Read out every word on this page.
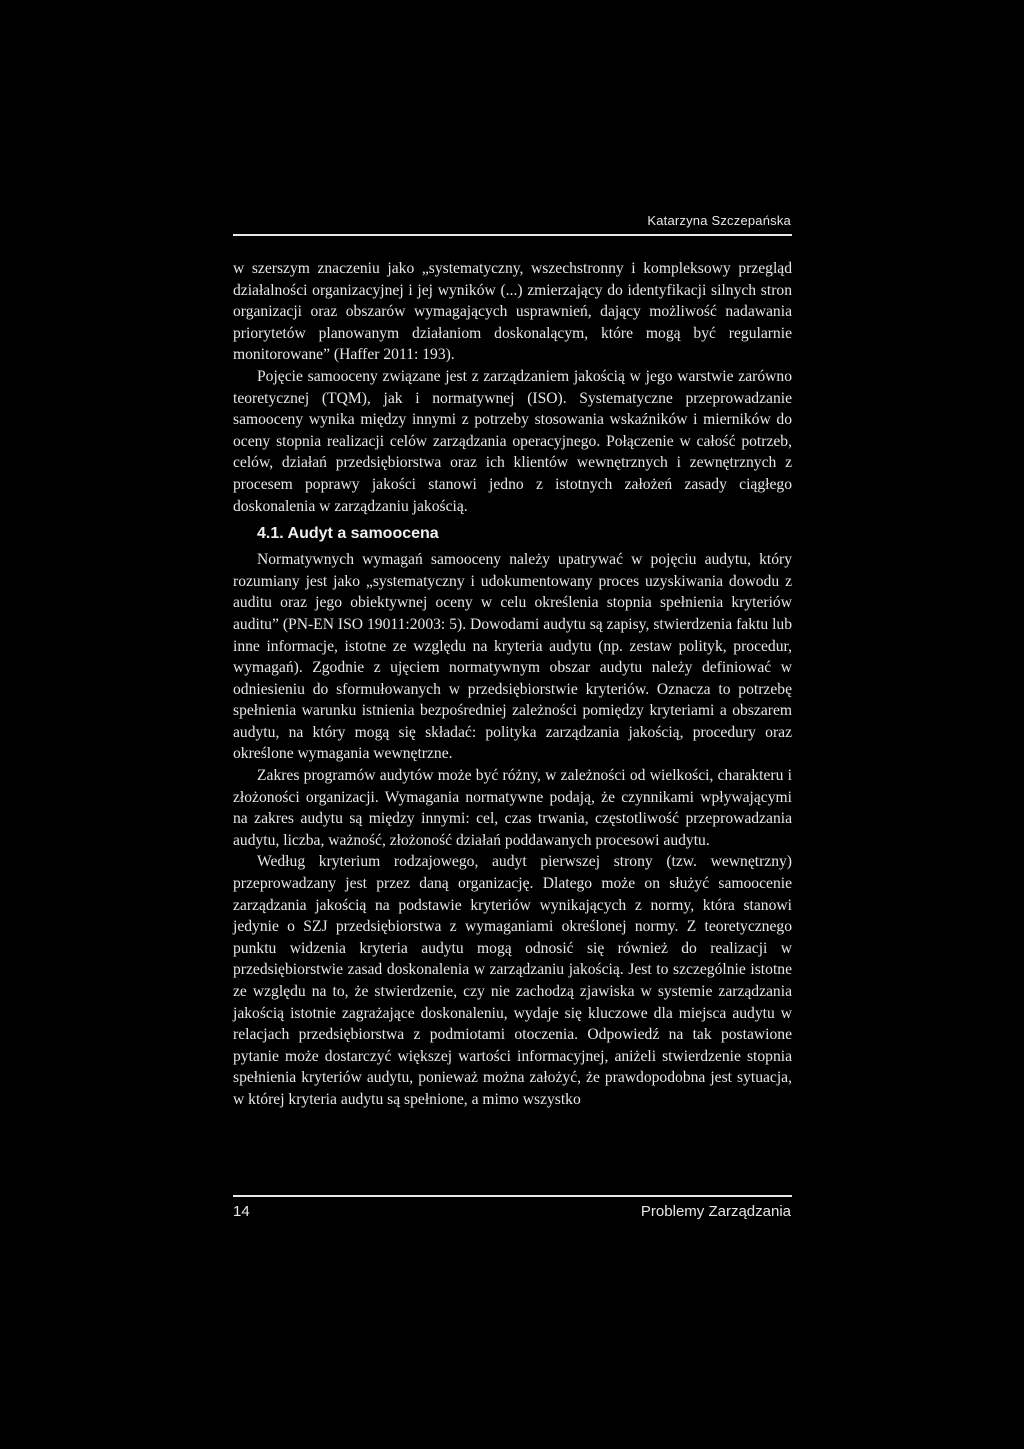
Katarzyna Szczepańska

w szerszym znaczeniu jako „systematyczny, wszechstronny i kompleksowy przegląd działalności organizacyjnej i jej wyników (...) zmierzający do identyfikacji silnych stron organizacji oraz obszarów wymagających usprawnień, dający możliwość nadawania priorytetów planowanym działaniom doskonalącym, które mogą być regularnie monitorowane” (Haffer 2011: 193).

Pojęcie samooceny związane jest z zarządzaniem jakością w jego warstwie zarówno teoretycznej (TQM), jak i normatywnej (ISO). Systematyczne przeprowadzanie samooceny wynika między innymi z potrzeby stosowania wskaźników i mierników do oceny stopnia realizacji celów zarządzania operacyjnego. Połączenie w całość potrzeb, celów, działań przedsiębiorstwa oraz ich klientów wewnętrznych i zewnętrznych z procesem poprawy jakości stanowi jedno z istotnych założeń zasady ciągłego doskonalenia w zarządzaniu jakością.

4.1. Audyt a samoocena

Normatywnych wymagań samooceny należy upatrywać w pojęciu audytu, który rozumiany jest jako „systematyczny i udokumentowany proces uzyskiwania dowodu z auditu oraz jego obiektywnej oceny w celu określenia stopnia spełnienia kryteriów auditu” (PN-EN ISO 19011:2003: 5). Dowodami audytu są zapisy, stwierdzenia faktu lub inne informacje, istotne ze względu na kryteria audytu (np. zestaw polityk, procedur, wymagań). Zgodnie z ujęciem normatywnym obszar audytu należy definiować w odniesieniu do sformułowanych w przedsiębiorstwie kryteriów. Oznacza to potrzebę spełnienia warunku istnienia bezpośredniej zależności pomiędzy kryteriami a obszarem audytu, na który mogą się składać: polityka zarządzania jakością, procedury oraz określone wymagania wewnętrzne.

Zakres programów audytów może być różny, w zależności od wielkości, charakteru i złożoności organizacji. Wymagania normatywne podają, że czynnikami wpływającymi na zakres audytu są między innymi: cel, czas trwania, częstotliwość przeprowadzania audytu, liczba, ważność, złożoność działań poddawanych procesowi audytu.

Według kryterium rodzajowego, audyt pierwszej strony (tzw. wewnętrzny) przeprowadzany jest przez daną organizację. Dlatego może on służyć samoocenie zarządzania jakością na podstawie kryteriów wynikających z normy, która stanowi jedynie o SZJ przedsiębiorstwa z wymaganiami określonej normy. Z teoretycznego punktu widzenia kryteria audytu mogą odnosić się również do realizacji w przedsiębiorstwie zasad doskonalenia w zarządzaniu jakością. Jest to szczególnie istotne ze względu na to, że stwierdzenie, czy nie zachodzą zjawiska w systemie zarządzania jakością istotnie zagrażające doskonaleniu, wydaje się kluczowe dla miejsca audytu w relacjach przedsiębiorstwa z podmiotami otoczenia. Odpowiedź na tak postawione pytanie może dostarczyć większej wartości informacyjnej, aniżeli stwierdzenie stopnia spełnienia kryteriów audytu, ponieważ można założyć, że prawdopodobna jest sytuacja, w której kryteria audytu są spełnione, a mimo wszystko

14	Problemy Zarządzania
